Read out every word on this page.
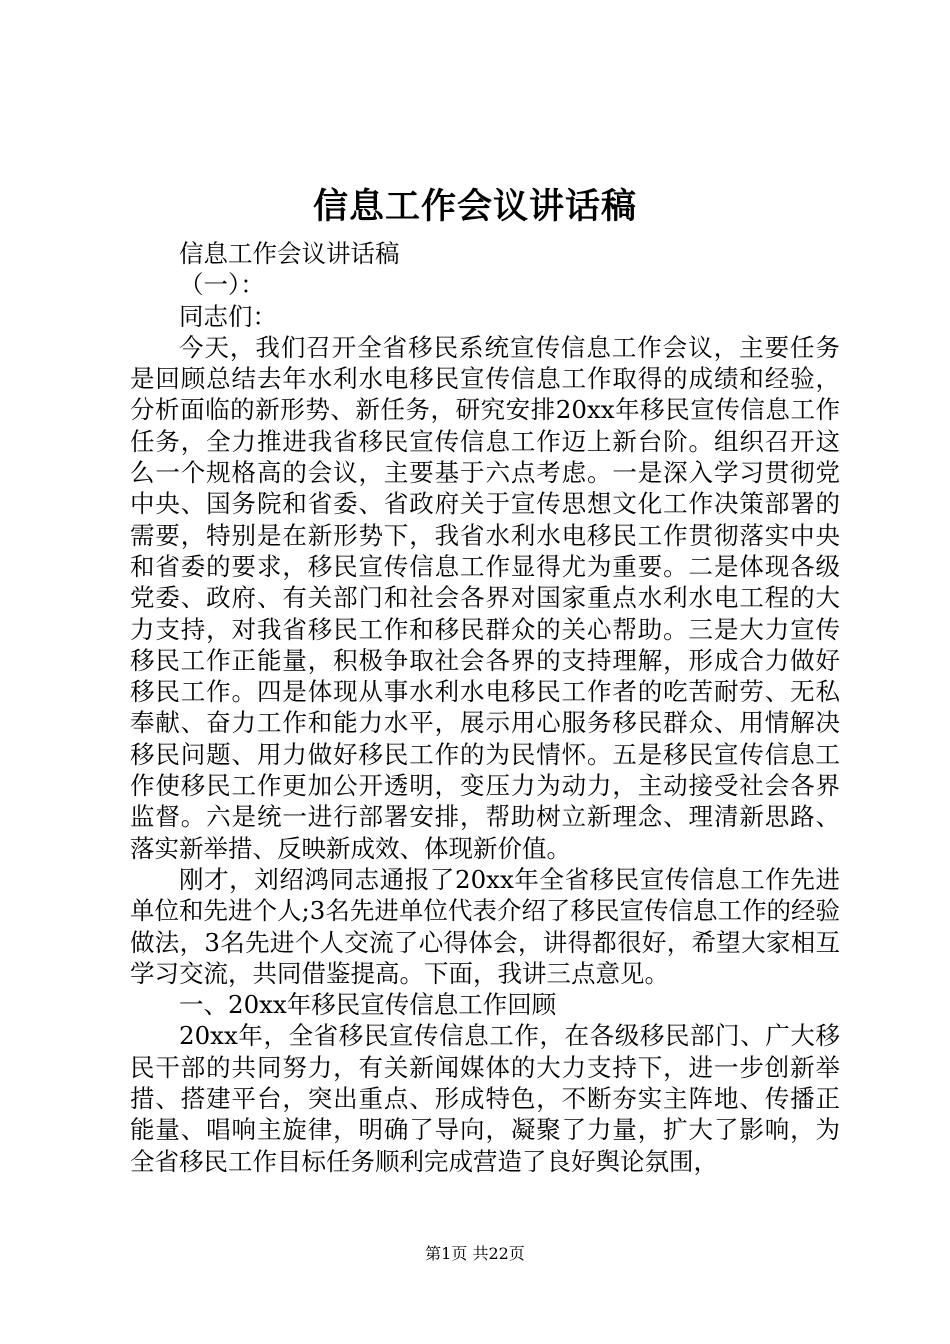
信息工作会议讲话稿

信息工作会议讲话稿

（一）：

同志们：

今天，我们召开全省移民系统宣传信息工作会议，主要任务是回顾总结去年水利水电移民宣传信息工作取得的成绩和经验，分析面临的新形势、新任务，研究安排20xx年移民宣传信息工作任务，全力推进我省移民宣传信息工作迈上新台阶。组织召开这么一个规格高的会议，主要基于六点考虑。一是深入学习贯彻党中央、国务院和省委、省政府关于宣传思想文化工作决策部署的需要，特别是在新形势下，我省水利水电移民工作贯彻落实中央和省委的要求，移民宣传信息工作显得尤为重要。二是体现各级党委、政府、有关部门和社会各界对国家重点水利水电工程的大力支持，对我省移民工作和移民群众的关心帮助。三是大力宣传移民工作正能量，积极争取社会各界的支持理解，形成合力做好移民工作。四是体现从事水利水电移民工作者的吃苦耐劳、无私奉献、奋力工作和能力水平，展示用心服务移民群众、用情解决移民问题、用力做好移民工作的为民情怀。五是移民宣传信息工作使移民工作更加公开透明，变压力为动力，主动接受社会各界监督。六是统一进行部署安排，帮助树立新理念、理清新思路、落实新举措、反映新成效、体现新价值。

刚才，刘绍鸿同志通报了20xx年全省移民宣传信息工作先进单位和先进个人;3名先进单位代表介绍了移民宣传信息工作的经验做法，3名先进个人交流了心得体会，讲得都很好，希望大家相互学习交流，共同借鉴提高。下面，我讲三点意见。

一、20xx年移民宣传信息工作回顾

20xx年，全省移民宣传信息工作，在各级移民部门、广大移民干部的共同努力，有关新闻媒体的大力支持下，进一步创新举措、搭建平台，突出重点、形成特色，不断夯实主阵地、传播正能量、唱响主旋律，明确了导向，凝聚了力量，扩大了影响，为全省移民工作目标任务顺利完成营造了良好舆论氛围，

第1页 共22页
